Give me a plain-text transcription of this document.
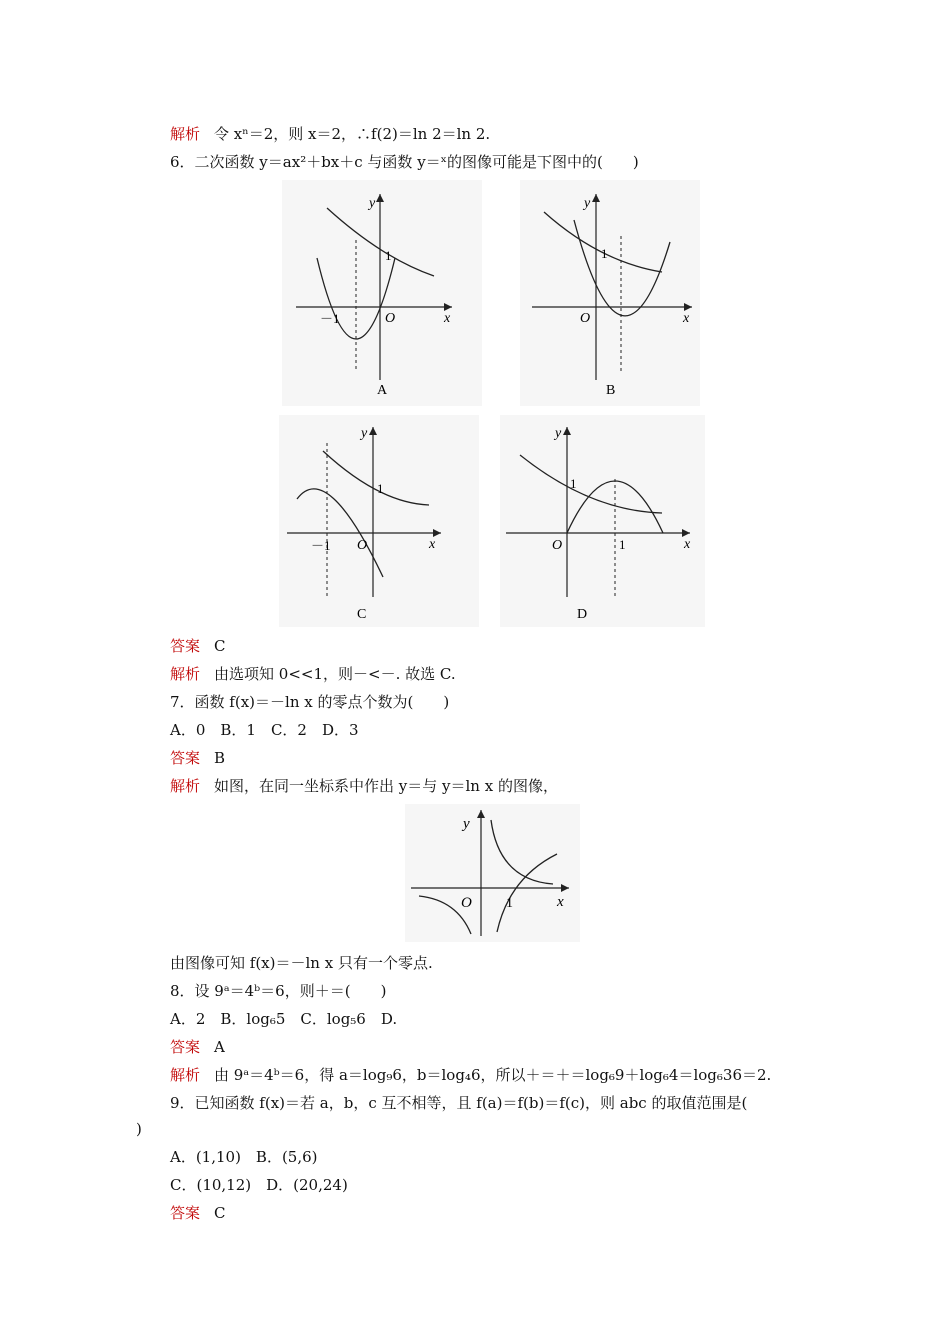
解析 令 xⁿ＝2，则 x＝2，∴f(2)＝ln 2＝ln 2.
6．二次函数 y＝ax²＋bx＋c 与函数 y＝ˣ的图像可能是下图中的(　　)
x
y
O
－1
1
A
x
y
O
1
B
x
y
O
－1
1
C
x
y
O
1
1
D
答案 C
解析 由选项知 0<<1，则－<－. 故选 C.
7．函数 f(x)＝－ln x 的零点个数为(　　)
A．0　B．1　C．2　D．3
答案 B
解析 如图，在同一坐标系中作出 y＝与 y＝ln x 的图像，
x
y
O 1
由图像可知 f(x)＝－ln x 只有一个零点.
8．设 9ᵃ＝4ᵇ＝6，则＋＝(　　)
A．2　B．log₆5　C．log₅6　D.
答案 A
解析 由 9ᵃ＝4ᵇ＝6，得 a＝log₉6，b＝log₄6，所以＋＝＋＝log₆9＋log₆4＝log₆36＝2.
9．已知函数 f(x)＝若 a，b，c 互不相等，且 f(a)＝f(b)＝f(c)，则 abc 的取值范围是(
)
A．(1,10)　B．(5,6)
C．(10,12)　D．(20,24)
答案 C
